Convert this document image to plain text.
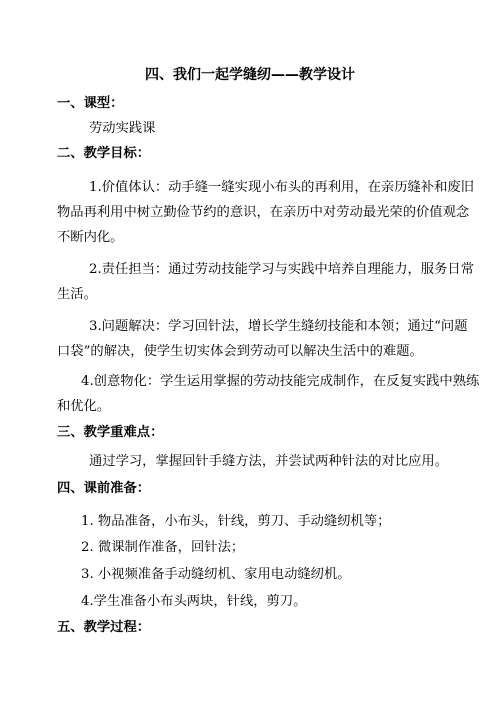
四、我们一起学缝纫——教学设计
一、课型：
劳动实践课
二、教学目标：
1.价值体认：动手缝一缝实现小布头的再利用，在亲历缝补和废旧
物品再利用中树立勤俭节约的意识，在亲历中对劳动最光荣的价值观念
不断内化。
2.责任担当：通过劳动技能学习与实践中培养自理能力，服务日常
生活。
3.问题解决：学习回针法，增长学生缝纫技能和本领；通过“问题
口袋”的解决，使学生切实体会到劳动可以解决生活中的难题。
4.创意物化：学生运用掌握的劳动技能完成制作，在反复实践中熟练
和优化。
三、教学重难点：
通过学习，掌握回针手缝方法，并尝试两种针法的对比应用。
四、课前准备：
1. 物品准备，小布头，针线，剪刀、手动缝纫机等；
2. 微课制作准备，回针法；
3. 小视频准备手动缝纫机、家用电动缝纫机。
4.学生准备小布头两块，针线，剪刀。
五、教学过程：
